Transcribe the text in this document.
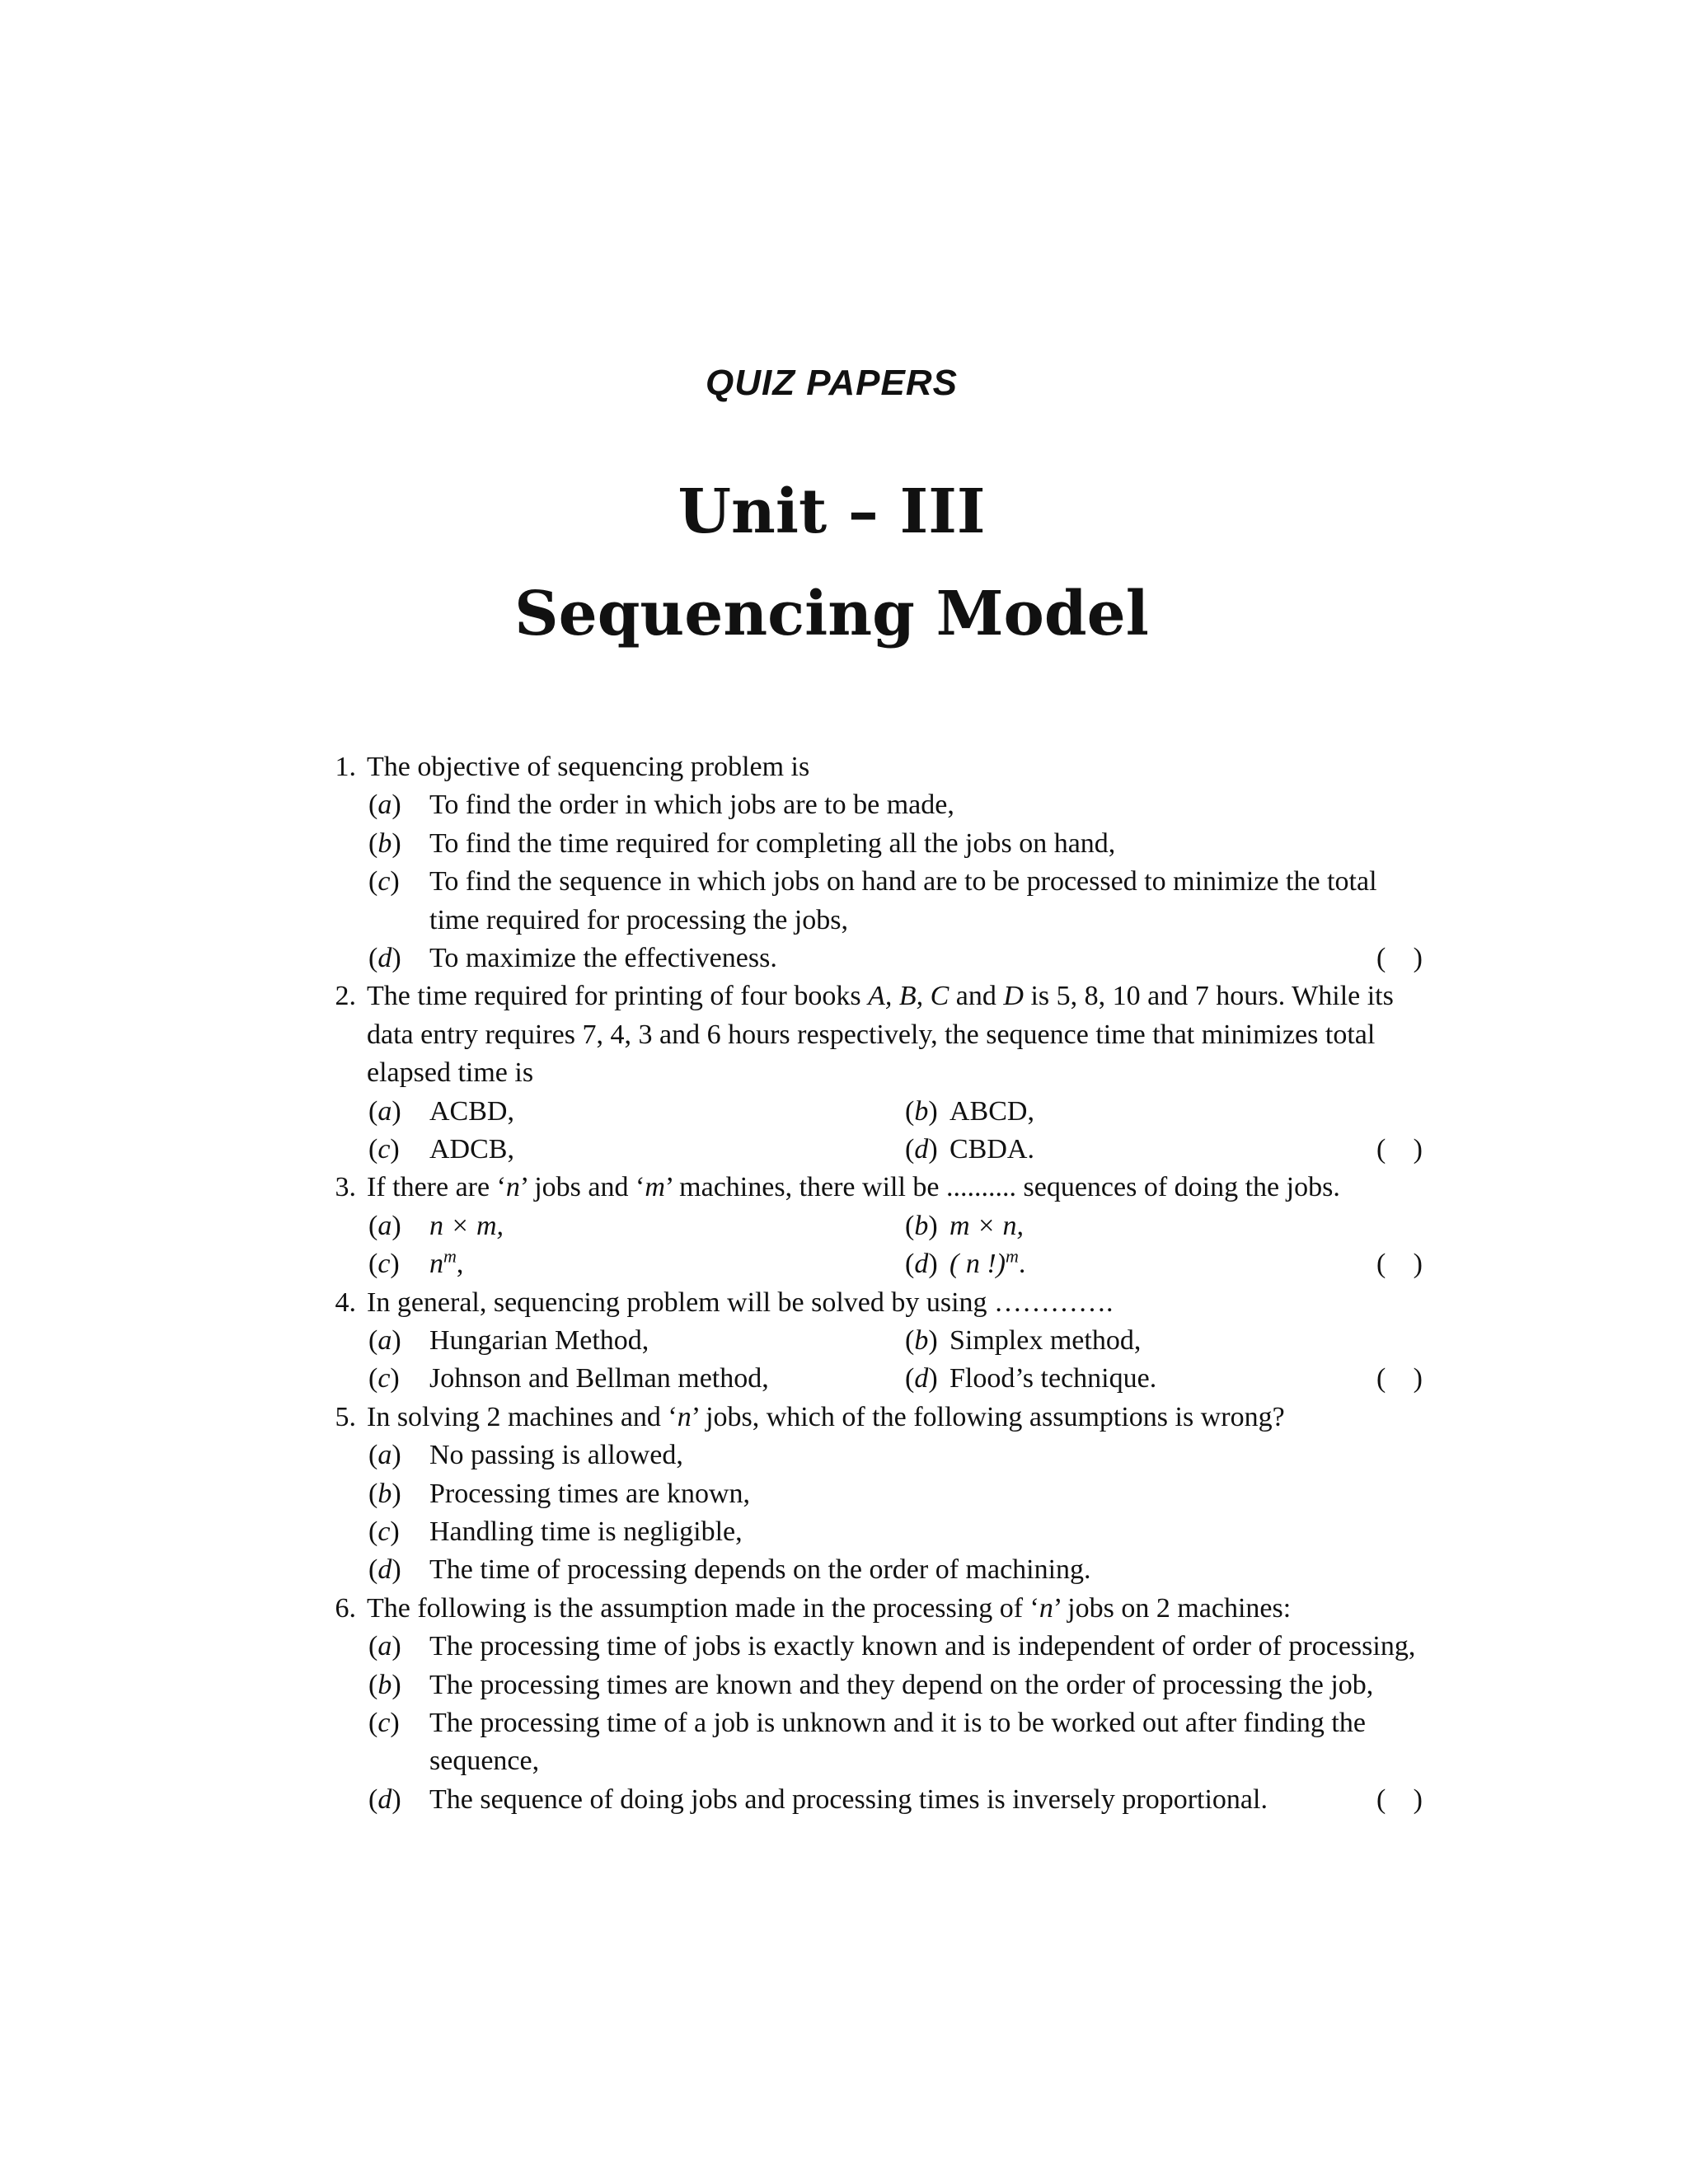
QUIZ PAPERS
Unit – III
Sequencing Model
1. The objective of sequencing problem is
(a) To find the order in which jobs are to be made,
(b) To find the time required for completing all the jobs on hand,
(c) To find the sequence in which jobs on hand are to be processed to minimize the total time required for processing the jobs,
(d) To maximize the effectiveness.	( )
2. The time required for printing of four books A, B, C and D is 5, 8, 10 and 7 hours. While its data entry requires 7, 4, 3 and 6 hours respectively, the sequence time that minimizes total elapsed time is
(a) ACBD,	(b) ABCD,
(c) ADCB,	(d) CBDA.	( )
3. If there are ‘n’ jobs and ‘m’ machines, there will be .......... sequences of doing the jobs.
(a) n × m,	(b) m × n,
(c) $n^m$,	(d) ( n !)$^m$.	( )
4. In general, sequencing problem will be solved by using ………….
(a) Hungarian Method,	(b) Simplex method,
(c) Johnson and Bellman method,	(d) Flood’s technique.	( )
5. In solving 2 machines and ‘n’ jobs, which of the following assumptions is wrong?
(a) No passing is allowed,
(b) Processing times are known,
(c) Handling time is negligible,
(d) The time of processing depends on the order of machining.
6. The following is the assumption made in the processing of ‘n’ jobs on 2 machines:
(a) The processing time of jobs is exactly known and is independent of order of processing,
(b) The processing times are known and they depend on the order of processing the job,
(c) The processing time of a job is unknown and it is to be worked out after finding the sequence,
(d) The sequence of doing jobs and processing times is inversely proportional.	( )
